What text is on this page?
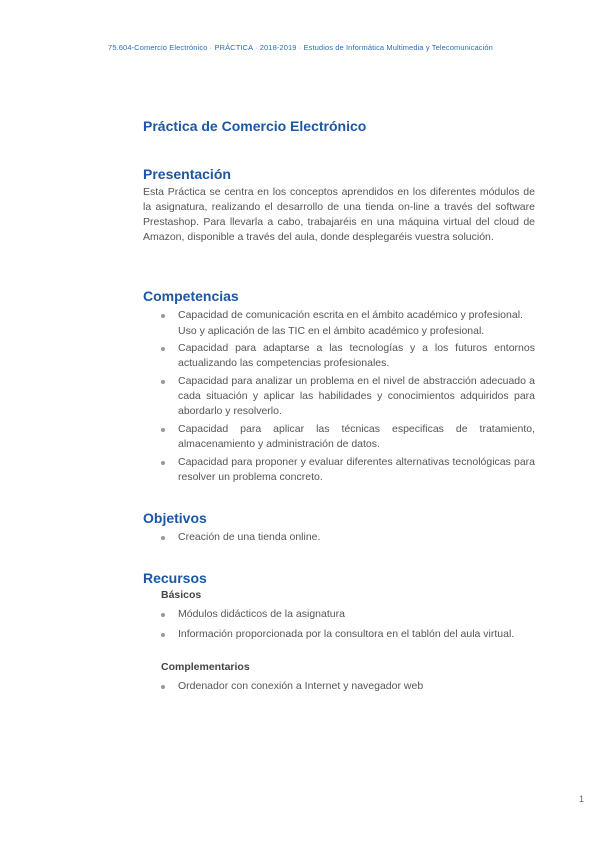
75.604-Comercio Electrónico · PRÁCTICA · 2018-2019 · Estudios de Informática Multimedia y Telecomunicación
Práctica de Comercio Electrónico
Presentación

Esta Práctica se centra en los conceptos aprendidos en los diferentes módulos de la asignatura, realizando el desarrollo de una tienda on-line a través del software Prestashop. Para llevarla a cabo, trabajaréis en una máquina virtual del cloud de Amazon, disponible a través del aula, donde desplegaréis vuestra solución.

Competencias
Capacidad de comunicación escrita en el ámbito académico y profesional.
Uso y aplicación de las TIC en el ámbito académico y profesional.
Capacidad para adaptarse a las tecnologías y a los futuros entornos actualizando las competencias profesionales.
Capacidad para analizar un problema en el nivel de abstracción adecuado a cada situación y aplicar las habilidades y conocimientos adquiridos para abordarlo y resolverlo.
Capacidad para aplicar las técnicas especificas de tratamiento, almacenamiento y administración de datos.
Capacidad para proponer y evaluar diferentes alternativas tecnológicas para resolver un problema concreto.
Objetivos
Creación de una tienda online.
Recursos
Básicos
Módulos didácticos de la asignatura
Información proporcionada por la consultora en el tablón del aula virtual.
Complementarios
Ordenador con conexión a Internet y navegador web
1
